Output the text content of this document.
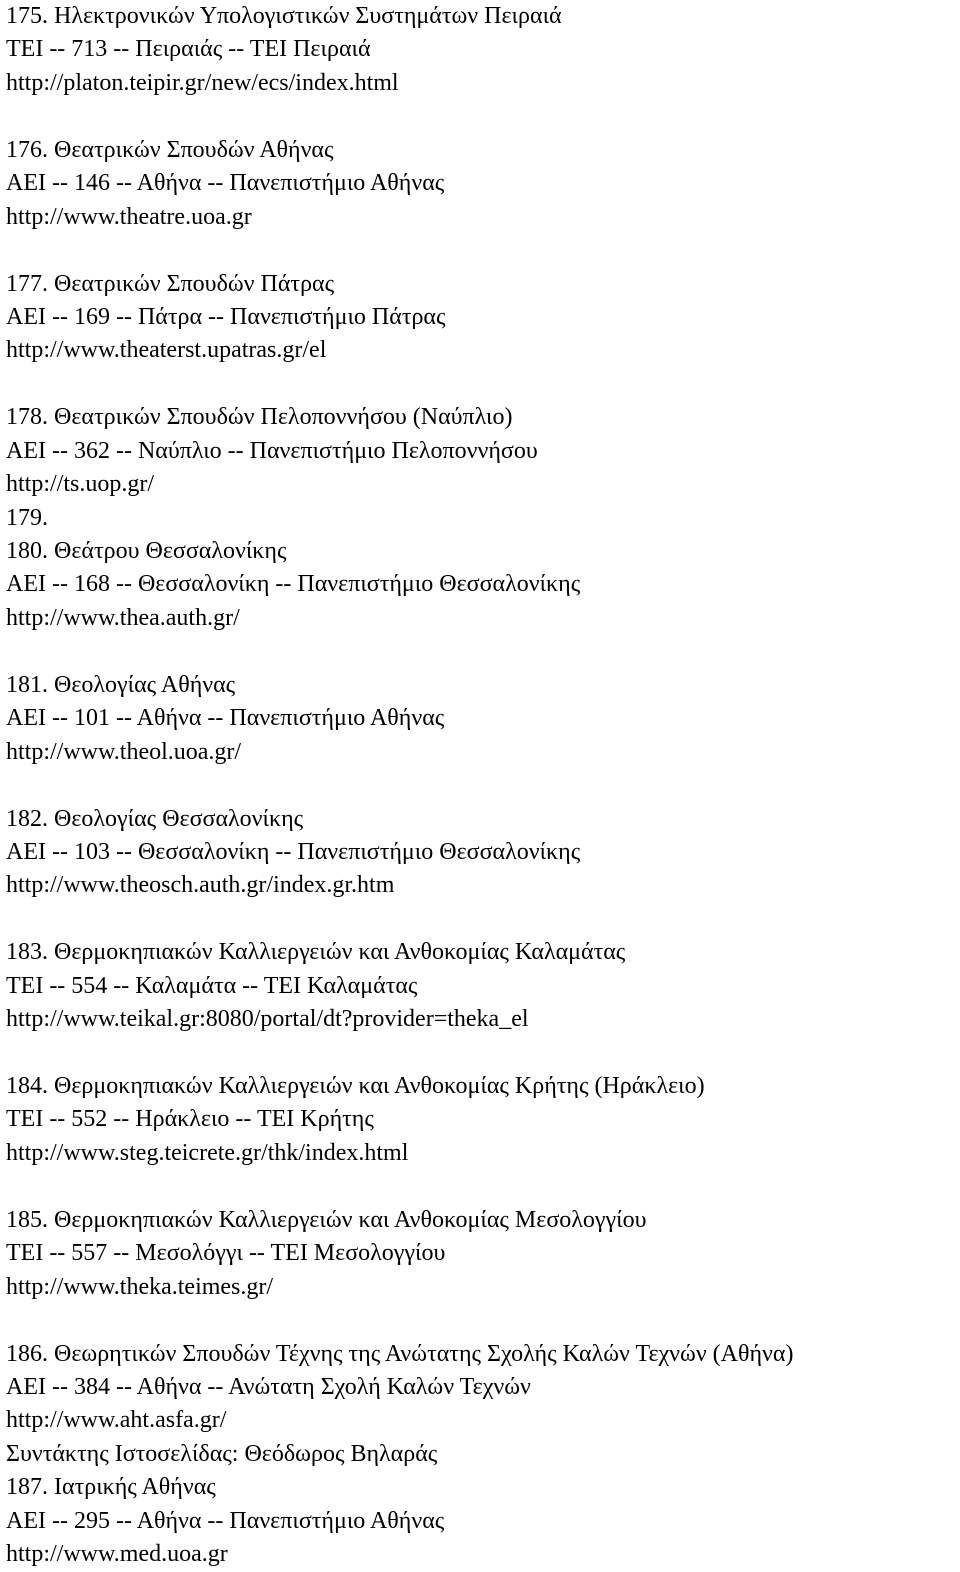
175. Ηλεκτρονικών Υπολογιστικών Συστημάτων Πειραιά
ΤΕΙ -- 713 -- Πειραιάς -- ΤΕΙ Πειραιά
http://platon.teipir.gr/new/ecs/index.html
176. Θεατρικών Σπουδών Αθήνας
ΑΕΙ -- 146 -- Αθήνα -- Πανεπιστήμιο Αθήνας
http://www.theatre.uoa.gr
177. Θεατρικών Σπουδών Πάτρας
ΑΕΙ -- 169 -- Πάτρα -- Πανεπιστήμιο Πάτρας
http://www.theaterst.upatras.gr/el
178. Θεατρικών Σπουδών Πελοποννήσου (Ναύπλιο)
ΑΕΙ -- 362 -- Ναύπλιο -- Πανεπιστήμιο Πελοποννήσου
http://ts.uop.gr/
179.
180. Θεάτρου Θεσσαλονίκης
ΑΕΙ -- 168 -- Θεσσαλονίκη -- Πανεπιστήμιο Θεσσαλονίκης
http://www.thea.auth.gr/
181. Θεολογίας Αθήνας
ΑΕΙ -- 101 -- Αθήνα -- Πανεπιστήμιο Αθήνας
http://www.theol.uoa.gr/
182. Θεολογίας Θεσσαλονίκης
ΑΕΙ -- 103 -- Θεσσαλονίκη -- Πανεπιστήμιο Θεσσαλονίκης
http://www.theosch.auth.gr/index.gr.htm
183. Θερμοκηπιακών Καλλιεργειών και Ανθοκομίας Καλαμάτας
ΤΕΙ -- 554 -- Καλαμάτα -- ΤΕΙ Καλαμάτας
http://www.teikal.gr:8080/portal/dt?provider=theka_el
184. Θερμοκηπιακών Καλλιεργειών και Ανθοκομίας Κρήτης (Ηράκλειο)
ΤΕΙ -- 552 -- Ηράκλειο -- ΤΕΙ Κρήτης
http://www.steg.teicrete.gr/thk/index.html
185. Θερμοκηπιακών Καλλιεργειών και Ανθοκομίας Μεσολογγίου
ΤΕΙ -- 557 -- Μεσολόγγι -- ΤΕΙ Μεσολογγίου
http://www.theka.teimes.gr/
186. Θεωρητικών Σπουδών Τέχνης της Ανώτατης Σχολής Καλών Τεχνών (Αθήνα)
ΑΕΙ -- 384 -- Αθήνα -- Ανώτατη Σχολή Καλών Τεχνών
http://www.aht.asfa.gr/
Συντάκτης Ιστοσελίδας: Θεόδωρος Βηλαράς
187. Ιατρικής Αθήνας
ΑΕΙ -- 295 -- Αθήνα -- Πανεπιστήμιο Αθήνας
http://www.med.uoa.gr
